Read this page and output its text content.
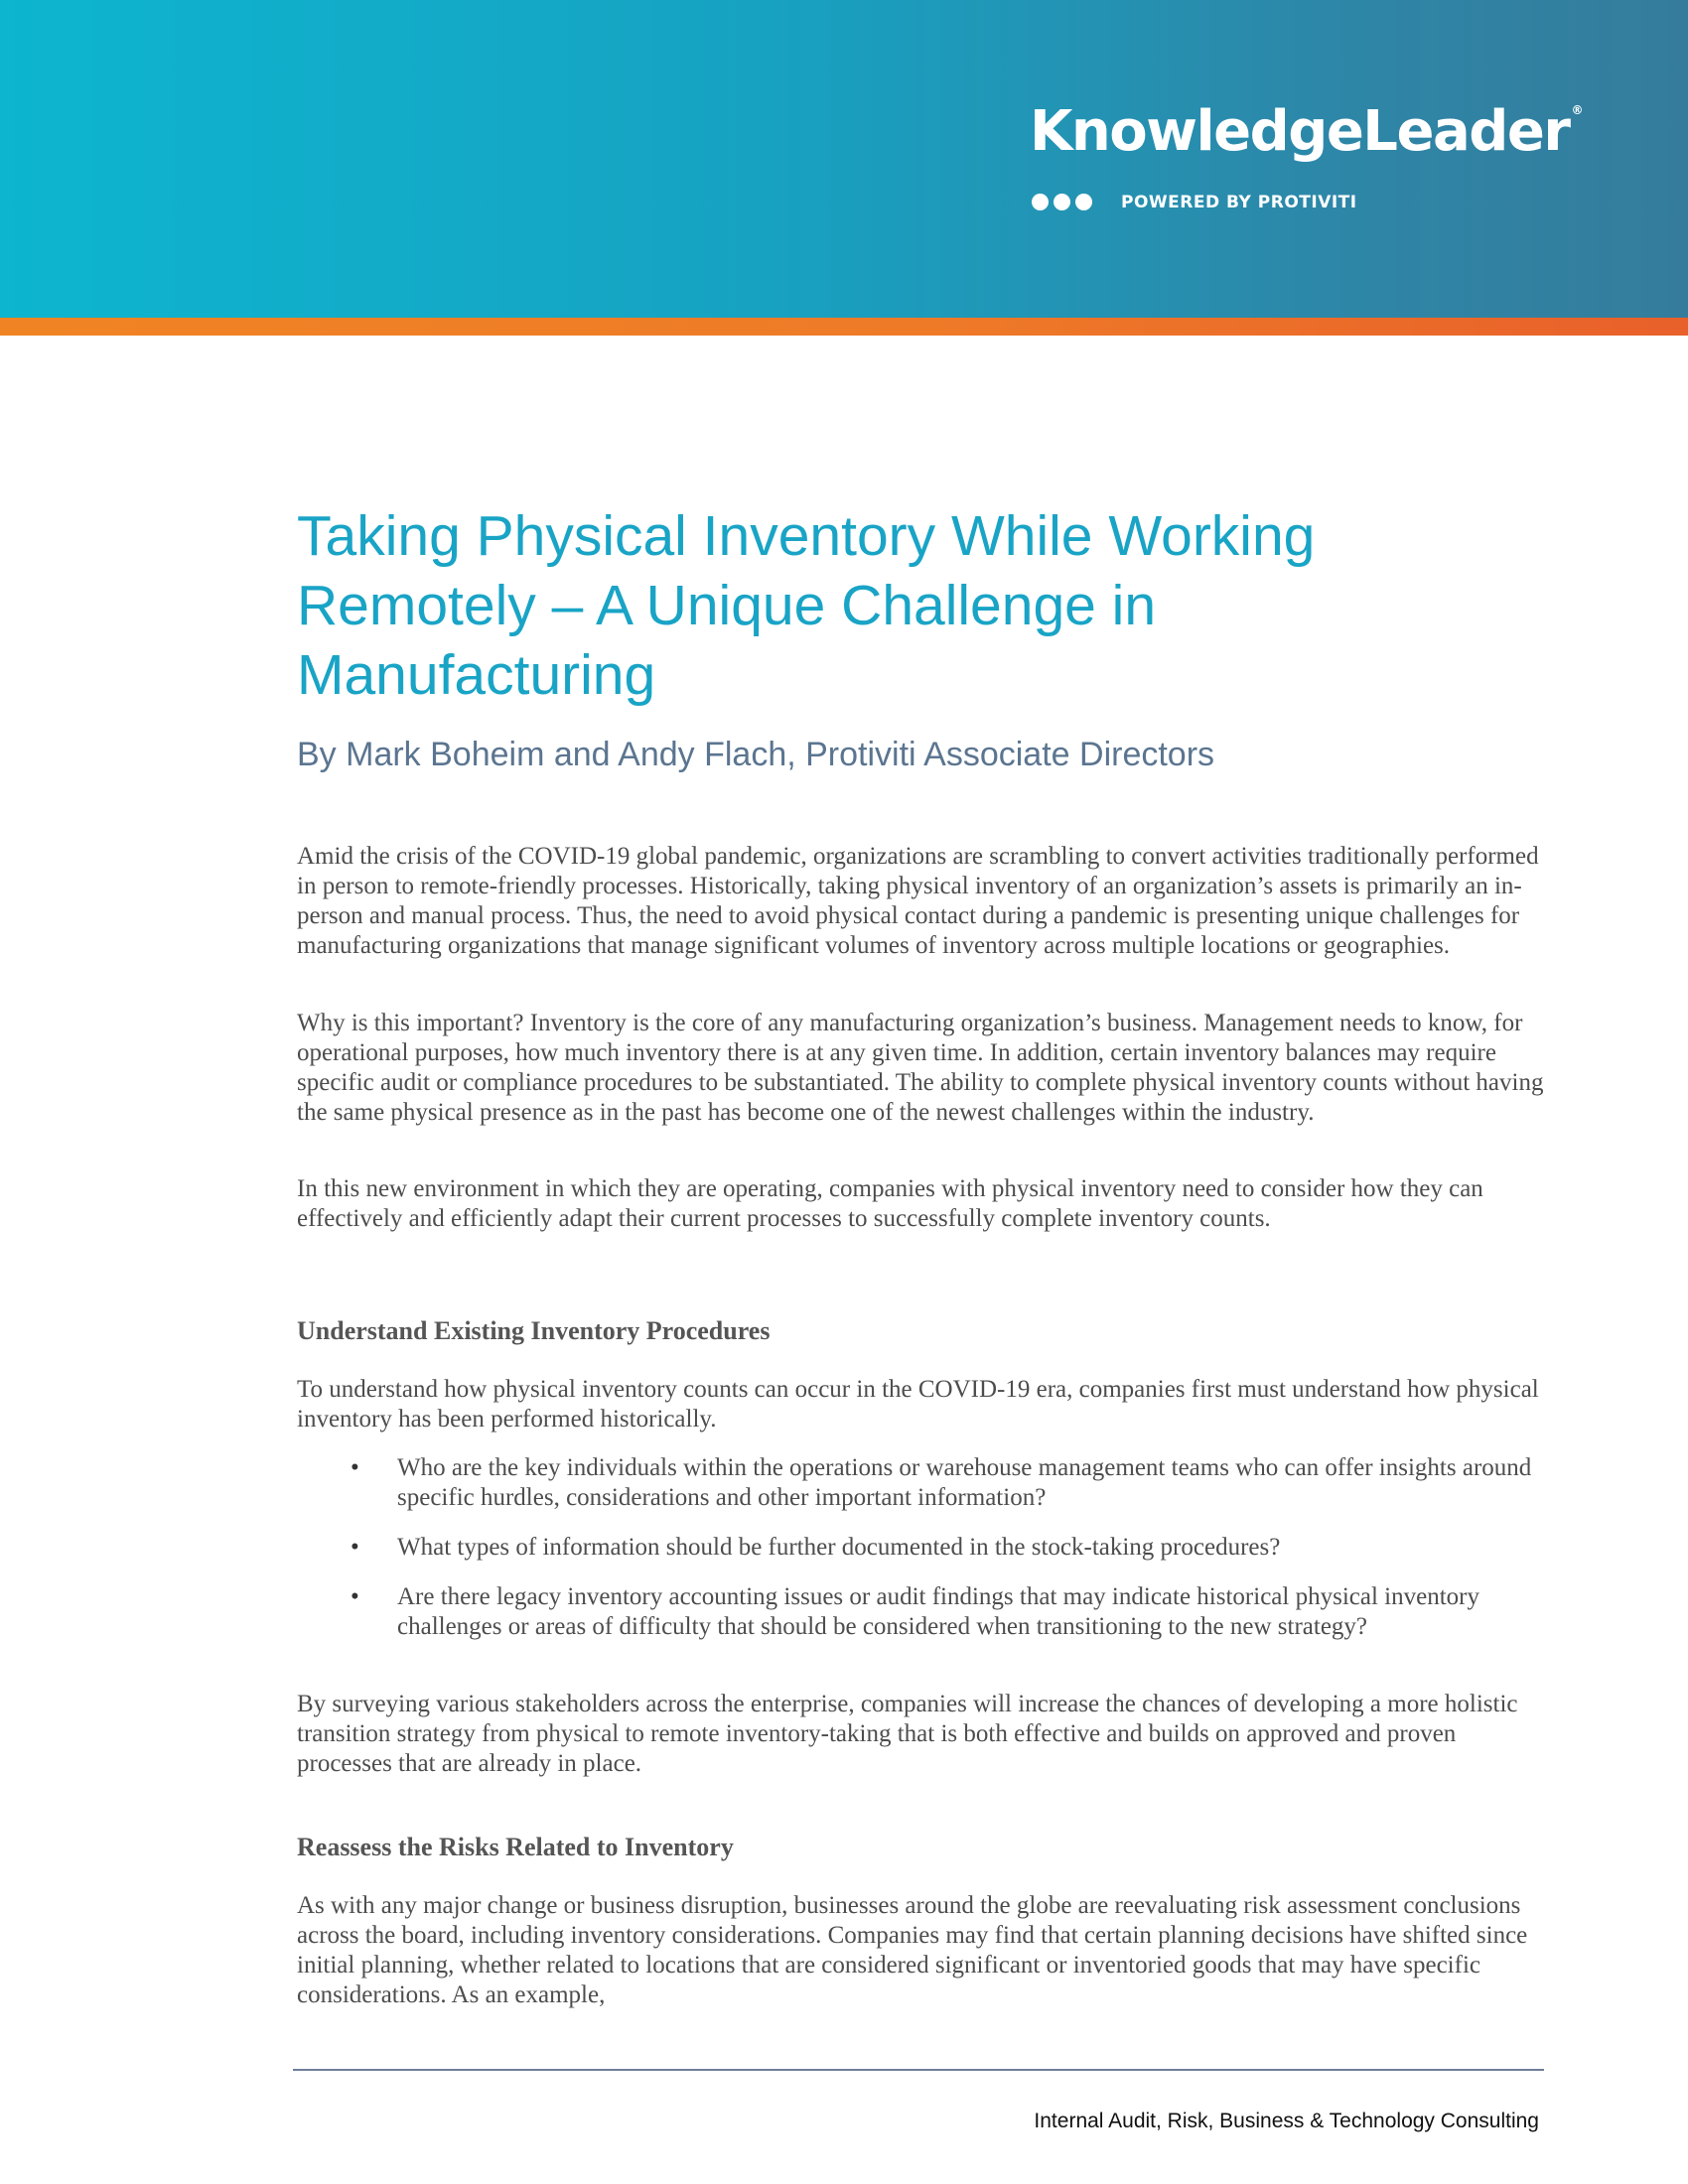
KnowledgeLeader ®
POWERED BY PROTIVITI
Taking Physical Inventory While Working Remotely – A Unique Challenge in Manufacturing

By Mark Boheim and Andy Flach, Protiviti Associate Directors

Amid the crisis of the COVID-19 global pandemic, organizations are scrambling to convert activities traditionally performed in person to remote-friendly processes. Historically, taking physical inventory of an organization’s assets is primarily an in-person and manual process. Thus, the need to avoid physical contact during a pandemic is presenting unique challenges for manufacturing organizations that manage significant volumes of inventory across multiple locations or geographies.

Why is this important? Inventory is the core of any manufacturing organization’s business. Management needs to know, for operational purposes, how much inventory there is at any given time. In addition, certain inventory balances may require specific audit or compliance procedures to be substantiated. The ability to complete physical inventory counts without having the same physical presence as in the past has become one of the newest challenges within the industry.

In this new environment in which they are operating, companies with physical inventory need to consider how they can effectively and efficiently adapt their current processes to successfully complete inventory counts.

Understand Existing Inventory Procedures

To understand how physical inventory counts can occur in the COVID-19 era, companies first must understand how physical inventory has been performed historically.

• Who are the key individuals within the operations or warehouse management teams who can offer insights around specific hurdles, considerations and other important information?
• What types of information should be further documented in the stock-taking procedures?
• Are there legacy inventory accounting issues or audit findings that may indicate historical physical inventory challenges or areas of difficulty that should be considered when transitioning to the new strategy?

By surveying various stakeholders across the enterprise, companies will increase the chances of developing a more holistic transition strategy from physical to remote inventory-taking that is both effective and builds on approved and proven processes that are already in place.

Reassess the Risks Related to Inventory

As with any major change or business disruption, businesses around the globe are reevaluating risk assessment conclusions across the board, including inventory considerations. Companies may find that certain planning decisions have shifted since initial planning, whether related to locations that are considered significant or inventoried goods that may have specific considerations. As an example,

Internal Audit, Risk, Business & Technology Consulting
